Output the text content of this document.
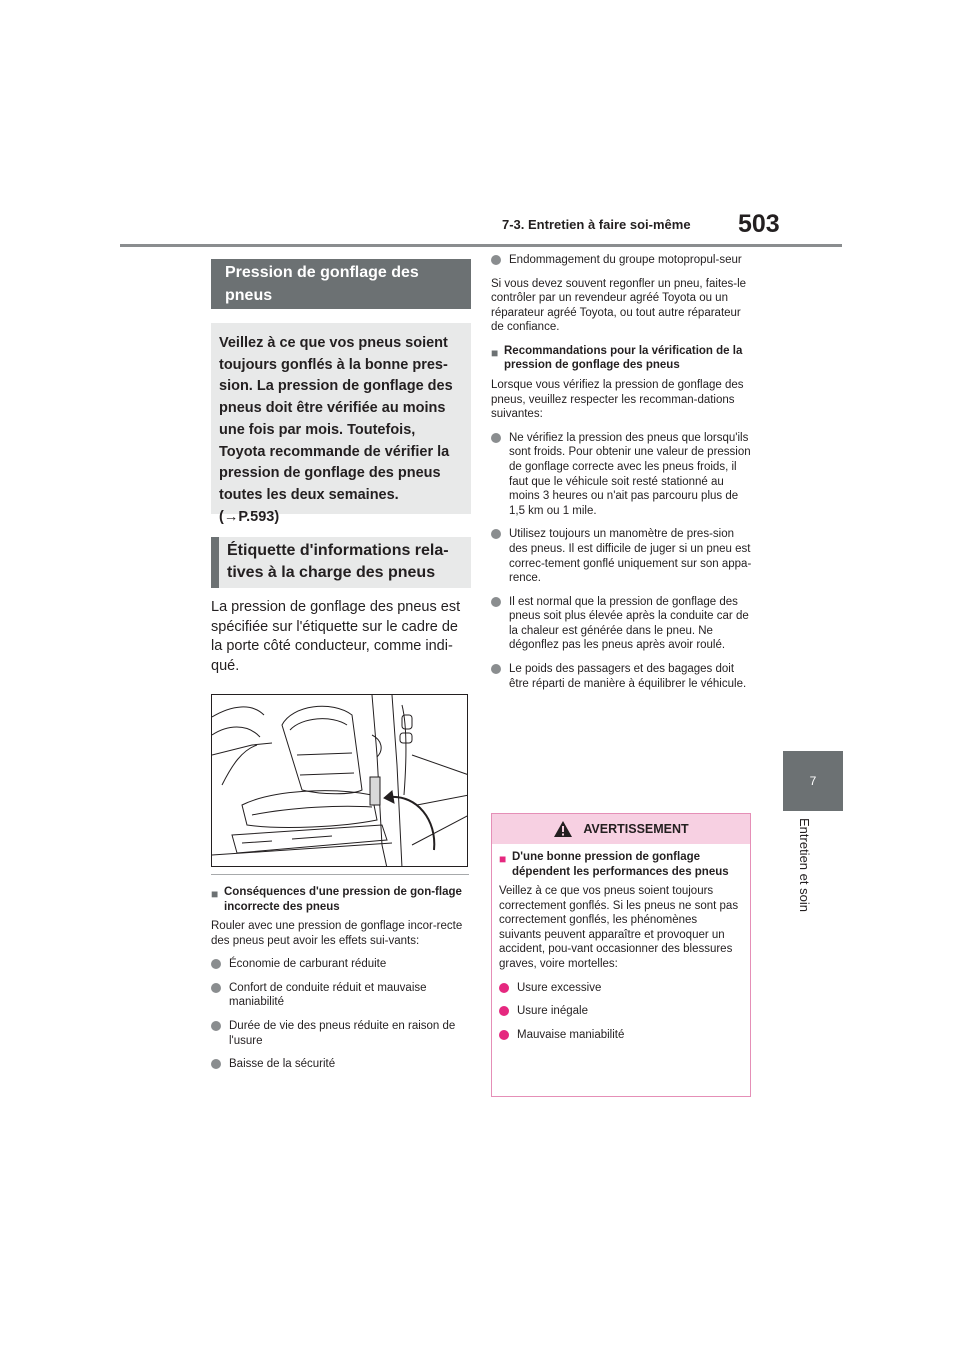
7-3. Entretien à faire soi-même 503
7
Entretien et soin
Pression de gonflage des pneus

Veillez à ce que vos pneus soient toujours gonflés à la bonne pres-sion. La pression de gonflage des pneus doit être vérifiée au moins une fois par mois. Toutefois, Toyota recommande de vérifier la pression de gonflage des pneus toutes les deux semaines.

(→P.593)

Étiquette d'informations rela-tives à la charge des pneus

La pression de gonflage des pneus est spécifiée sur l'étiquette sur le cadre de la porte côté conducteur, comme indi-qué.

■ Conséquences d'une pression de gon-flage incorrecte des pneus

Rouler avec une pression de gonflage incor-recte des pneus peut avoir les effets sui-vants:

Économie de carburant réduite
Confort de conduite réduit et mauvaise maniabilité
Durée de vie des pneus réduite en raison de l'usure
Baisse de la sécurité
Endommagement du groupe motopropul-seur

Si vous devez souvent regonfler un pneu, faites-le contrôler par un revendeur agréé Toyota ou un réparateur agréé Toyota, ou tout autre réparateur de confiance.

■ Recommandations pour la vérification de la pression de gonflage des pneus

Lorsque vous vérifiez la pression de gonflage des pneus, veuillez respecter les recomman-dations suivantes:

Ne vérifiez la pression des pneus que lorsqu'ils sont froids. Pour obtenir une valeur de pression de gonflage correcte avec les pneus froids, il faut que le véhicule soit resté stationné au moins 3 heures ou n'ait pas parcouru plus de 1,5 km ou 1 mile.
Utilisez toujours un manomètre de pres-sion des pneus. Il est difficile de juger si un pneu est correc-tement gonflé uniquement sur son appa-rence.
Il est normal que la pression de gonflage des pneus soit plus élevée après la conduite car de la chaleur est générée dans le pneu. Ne dégonflez pas les pneus après avoir roulé.
Le poids des passagers et des bagages doit être réparti de manière à équilibrer le véhicule.
AVERTISSEMENT
■ D'une bonne pression de gonflage dépendent les performances des pneus

Veillez à ce que vos pneus soient toujours correctement gonflés. Si les pneus ne sont pas correctement gonflés, les phénomènes suivants peuvent apparaître et provoquer un accident, pou-vant occasionner des blessures graves, voire mortelles:

Usure excessive
Usure inégale
Mauvaise maniabilité
